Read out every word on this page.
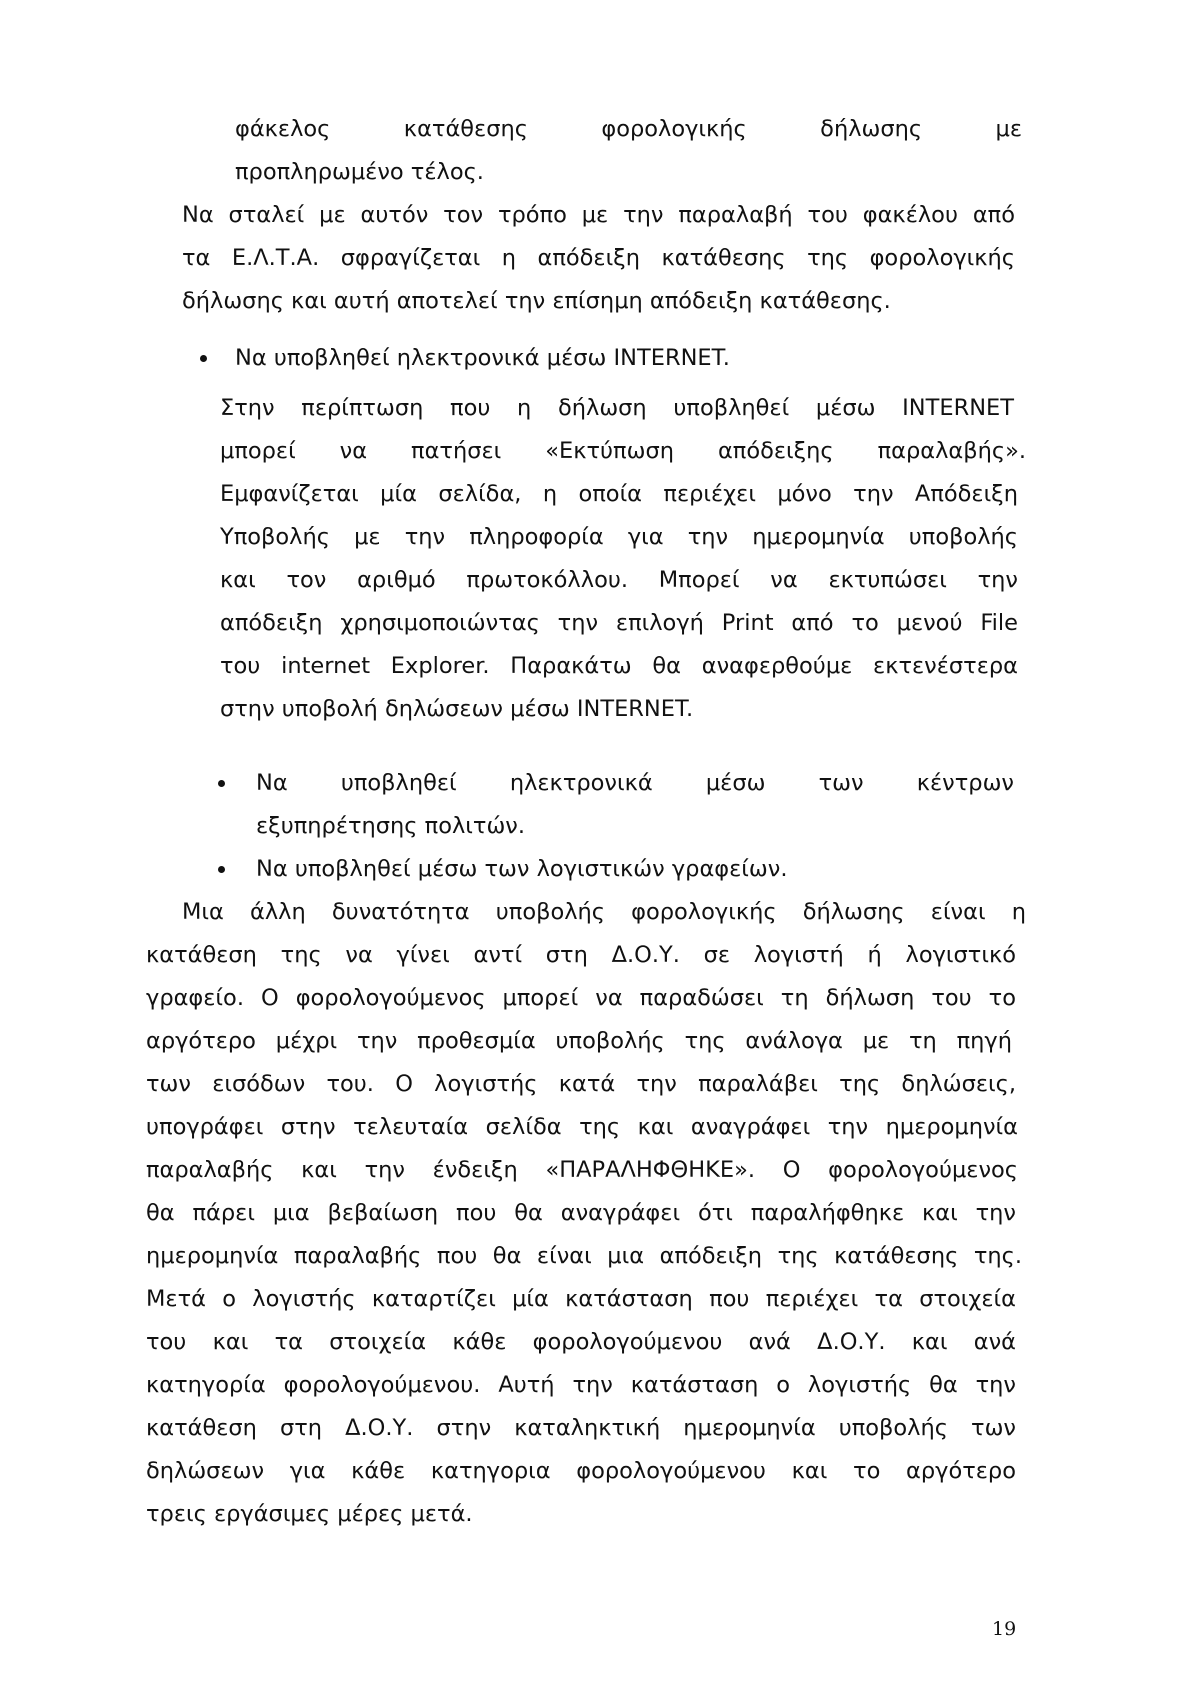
φάκελος κατάθεσης φορολογικής δήλωσης με

προπληρωμένο τέλος.

Να σταλεί με αυτόν τον τρόπο με την παραλαβή του φακέλου από

τα Ε.Λ.Τ.Α. σφραγίζεται η απόδειξη κατάθεσης της φορολογικής

δήλωσης και αυτή αποτελεί την επίσημη απόδειξη κατάθεσης.

Να υποβληθεί ηλεκτρονικά μέσω INTERNET.

Στην περίπτωση που η δήλωση υποβληθεί μέσω INTERNET

μπορεί να πατήσει «Εκτύπωση απόδειξης παραλαβής».

Εμφανίζεται μία σελίδα, η οποία περιέχει μόνο την Απόδειξη

Υποβολής με την πληροφορία για την ημερομηνία υποβολής

και τον αριθμό πρωτοκόλλου. Μπορεί να εκτυπώσει την

απόδειξη χρησιμοποιώντας την επιλογή Print από το μενού File

του internet Explorer. Παρακάτω θα αναφερθούμε εκτενέστερα

στην υποβολή δηλώσεων μέσω INTERNET.

Να υποβληθεί ηλεκτρονικά μέσω των κέντρων

εξυπηρέτησης πολιτών.

Να υποβληθεί μέσω των λογιστικών γραφείων.

Μια άλλη δυνατότητα υποβολής φορολογικής δήλωσης είναι η

κατάθεση της να γίνει αντί στη Δ.Ο.Υ. σε λογιστή ή λογιστικό

γραφείο. Ο φορολογούμενος μπορεί να παραδώσει τη δήλωση του το

αργότερο μέχρι την προθεσμία υποβολής της ανάλογα με τη πηγή

των εισόδων του. Ο λογιστής κατά την παραλάβει της δηλώσεις,

υπογράφει στην τελευταία σελίδα της και αναγράφει την ημερομηνία

παραλαβής και την ένδειξη «ΠΑΡΑΛΗΦΘΗΚΕ». Ο φορολογούμενος

θα πάρει μια βεβαίωση που θα αναγράφει ότι παραλήφθηκε και την

ημερομηνία παραλαβής που θα είναι μια απόδειξη της κατάθεσης της.

Μετά ο λογιστής καταρτίζει μία κατάσταση που περιέχει τα στοιχεία

του και τα στοιχεία κάθε φορολογούμενου ανά Δ.Ο.Υ. και ανά

κατηγορία φορολογούμενου. Αυτή την κατάσταση ο λογιστής θα την

κατάθεση στη Δ.Ο.Υ. στην καταληκτική ημερομηνία υποβολής των

δηλώσεων για κάθε κατηγορια φορολογούμενου και το αργότερο

τρεις εργάσιμες μέρες μετά.

19
